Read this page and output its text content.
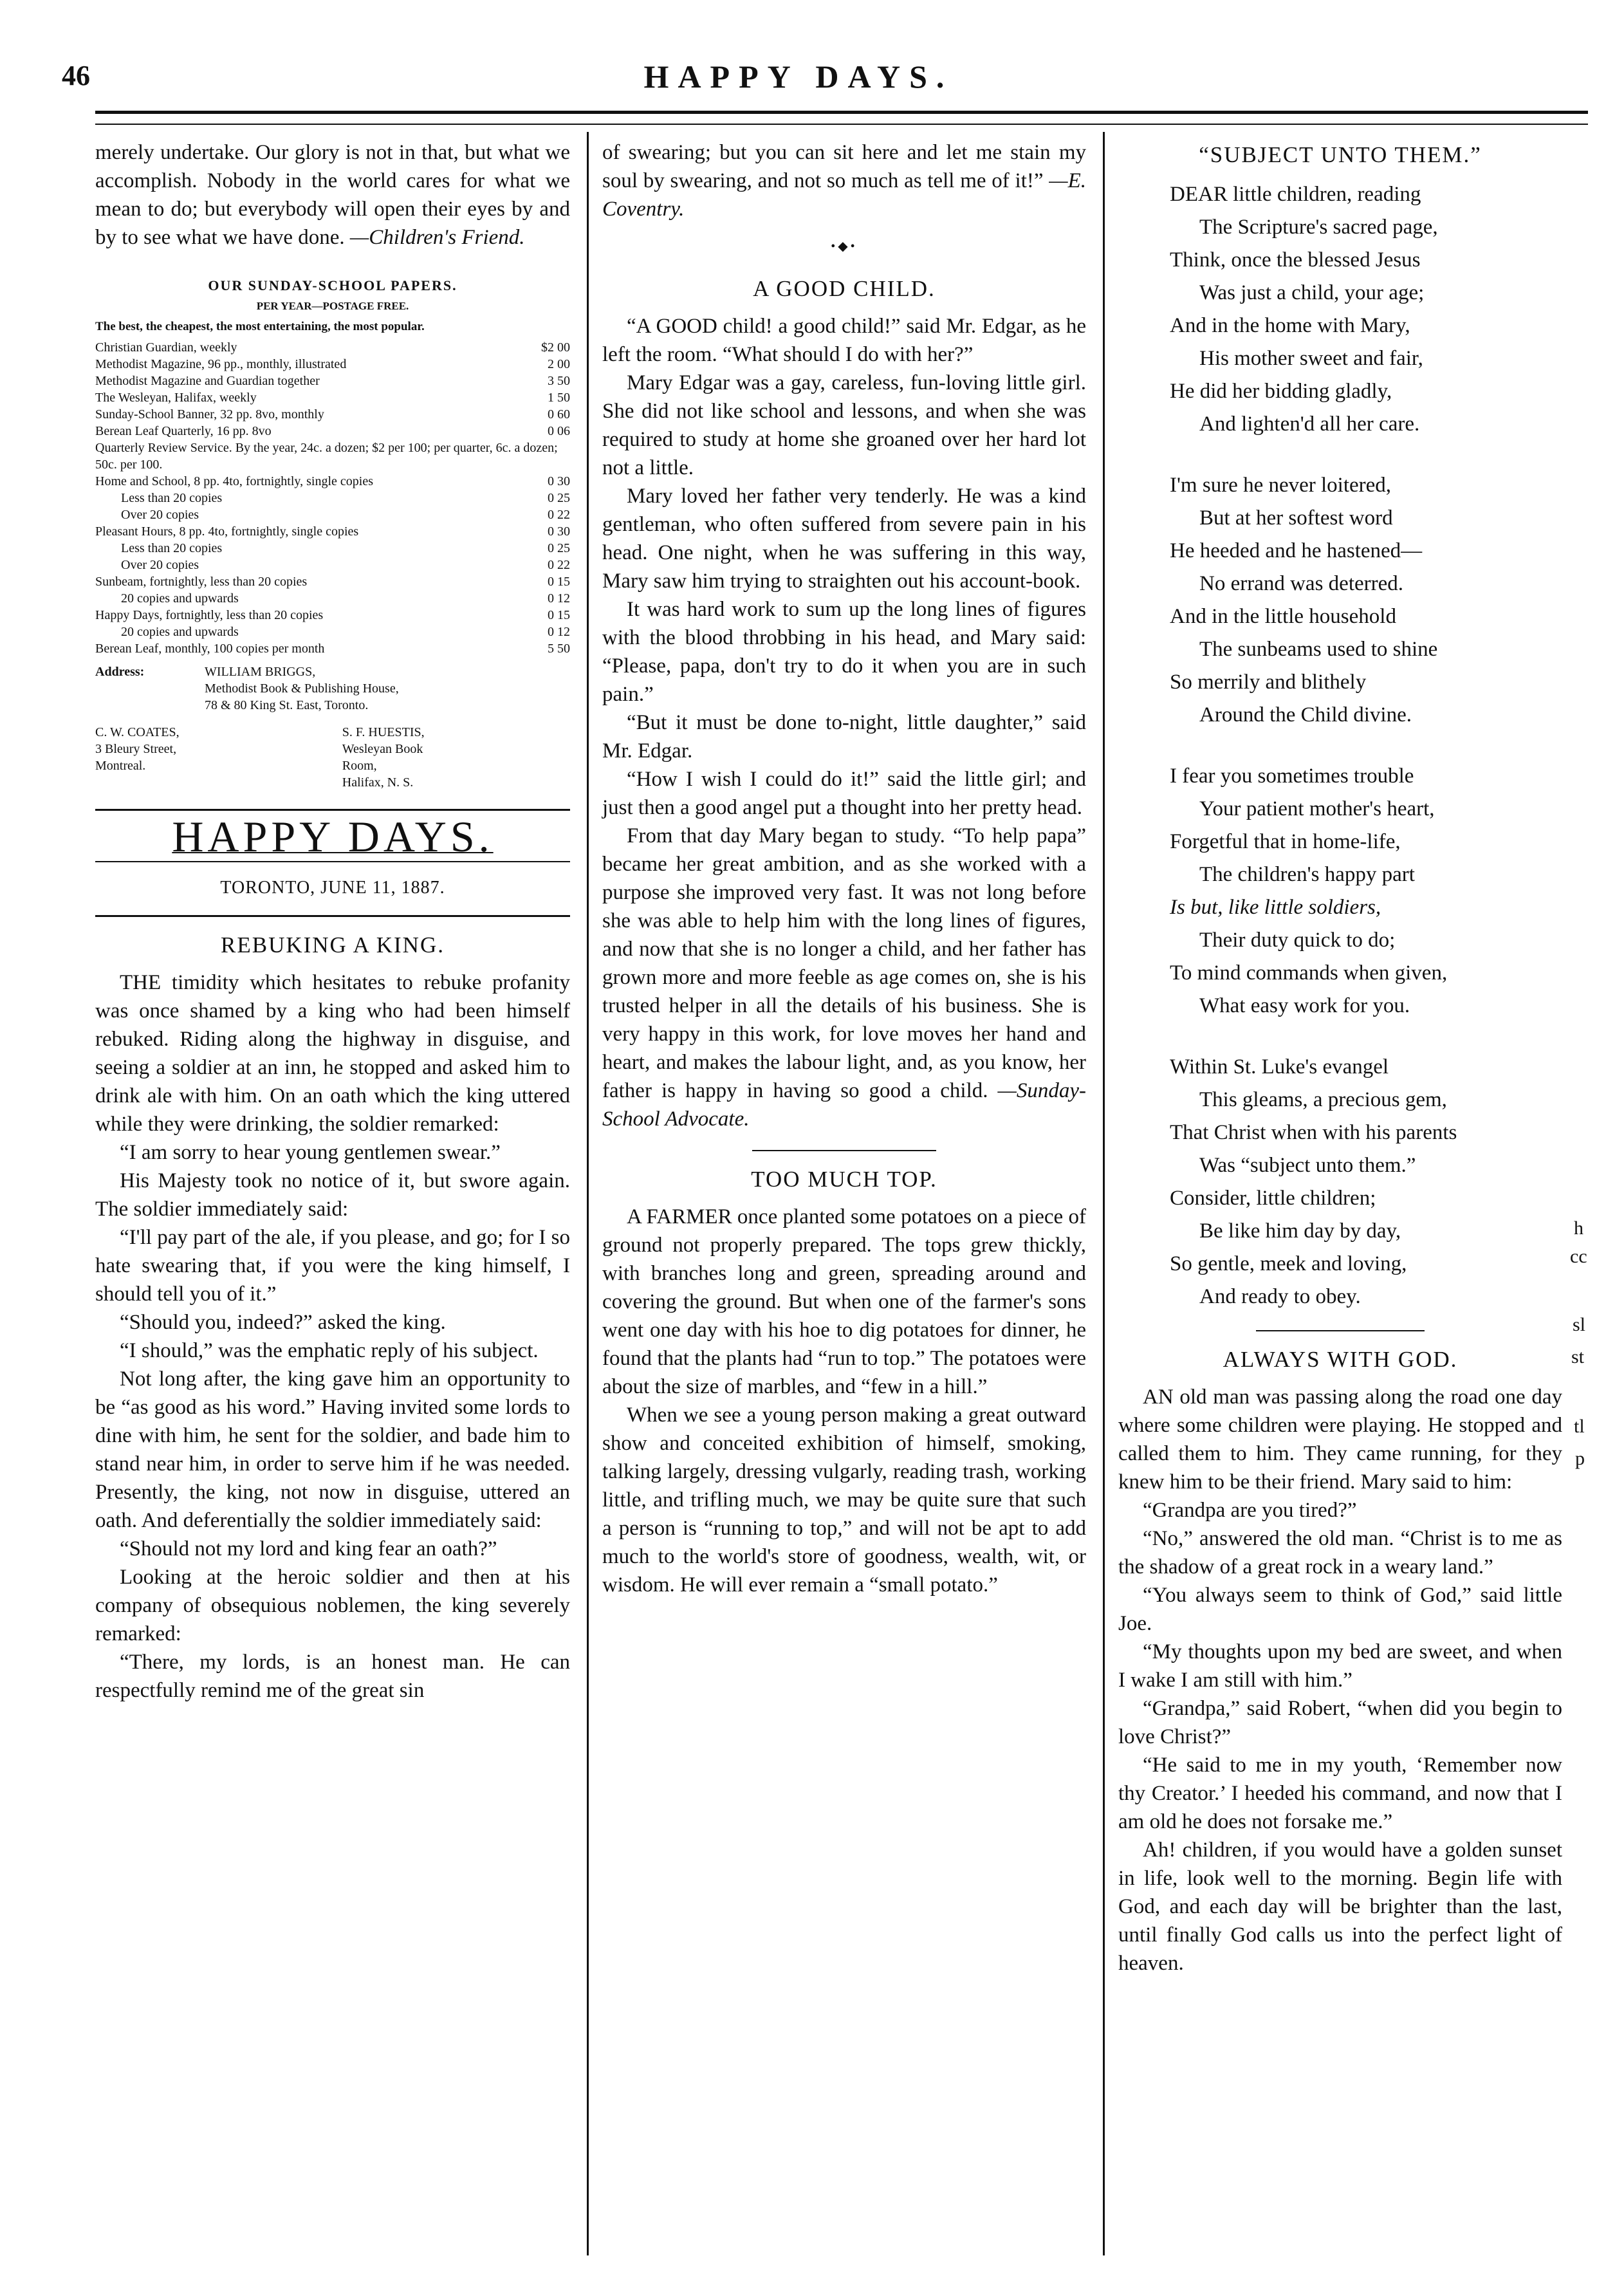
46	HAPPY DAYS.

merely undertake. Our glory is not in that, but what we accomplish. Nobody in the world cares for what we mean to do; but everybody will open their eyes by and by to see what we have done. —Children's Friend.

OUR SUNDAY-SCHOOL PAPERS.
PER YEAR—POSTAGE FREE.
The best, the cheapest, the most entertaining, the most popular.
Christian Guardian, weekly	$2 00
Methodist Magazine, 96 pp., monthly, illustrated	2 00
Methodist Magazine and Guardian together	3 50
The Wesleyan, Halifax, weekly	1 50
Sunday-School Banner, 32 pp. 8vo, monthly	0 60
Berean Leaf Quarterly, 16 pp. 8vo	0 06
Quarterly Review Service. By the year, 24c. a dozen; $2 per 100; per quarter, 6c. a dozen; 50c. per 100.
Home and School, 8 pp. 4to, fortnightly, single copies	0 30
Less than 20 copies	0 25
Over 20 copies	0 22
Pleasant Hours, 8 pp. 4to, fortnightly, single copies	0 30
Less than 20 copies	0 25
Over 20 copies	0 22
Sunbeam, fortnightly, less than 20 copies	0 15
20 copies and upwards	0 12
Happy Days, fortnightly, less than 20 copies	0 15
20 copies and upwards	0 12
Berean Leaf, monthly, 100 copies per month	5 50
Address:	WILLIAM BRIGGS,
Methodist Book & Publishing House,
78 & 80 King St. East, Toronto.
C. W. COATES,
3 Bleury Street,
Montreal.
S. F. HUESTIS,
Wesleyan Book Room,
Halifax, N. S.
HAPPY DAYS.
TORONTO, JUNE 11, 1887.
REBUKING A KING.

THE timidity which hesitates to rebuke profanity was once shamed by a king who had been himself rebuked. Riding along the highway in disguise, and seeing a soldier at an inn, he stopped and asked him to drink ale with him. On an oath which the king uttered while they were drinking, the soldier remarked:

“I am sorry to hear young gentlemen swear.”

His Majesty took no notice of it, but swore again. The soldier immediately said:

“I'll pay part of the ale, if you please, and go; for I so hate swearing that, if you were the king himself, I should tell you of it.”

“Should you, indeed?” asked the king.

“I should,” was the emphatic reply of his subject.

Not long after, the king gave him an opportunity to be “as good as his word.” Having invited some lords to dine with him, he sent for the soldier, and bade him to stand near him, in order to serve him if he was needed. Presently, the king, not now in disguise, uttered an oath. And deferentially the soldier immediately said:

“Should not my lord and king fear an oath?”

Looking at the heroic soldier and then at his company of obsequious noblemen, the king severely remarked:

“There, my lords, is an honest man. He can respectfully remind me of the great sin

of swearing; but you can sit here and let me stain my soul by swearing, and not so much as tell me of it!” —E. Coventry.

•◆•
A GOOD CHILD.

“A GOOD child! a good child!” said Mr. Edgar, as he left the room. “What should I do with her?”

Mary Edgar was a gay, careless, fun-loving little girl. She did not like school and lessons, and when she was required to study at home she groaned over her hard lot not a little.

Mary loved her father very tenderly. He was a kind gentleman, who often suffered from severe pain in his head. One night, when he was suffering in this way, Mary saw him trying to straighten out his account-book.

It was hard work to sum up the long lines of figures with the blood throbbing in his head, and Mary said: “Please, papa, don't try to do it when you are in such pain.”

“But it must be done to-night, little daughter,” said Mr. Edgar.

“How I wish I could do it!” said the little girl; and just then a good angel put a thought into her pretty head.

From that day Mary began to study. “To help papa” became her great ambition, and as she worked with a purpose she improved very fast. It was not long before she was able to help him with the long lines of figures, and now that she is no longer a child, and her father has grown more and more feeble as age comes on, she is his trusted helper in all the details of his business. She is very happy in this work, for love moves her hand and heart, and makes the labour light, and, as you know, her father is happy in having so good a child. —Sunday-School Advocate.

TOO MUCH TOP.

A FARMER once planted some potatoes on a piece of ground not properly prepared. The tops grew thickly, with branches long and green, spreading around and covering the ground. But when one of the farmer's sons went one day with his hoe to dig potatoes for dinner, he found that the plants had “run to top.” The potatoes were about the size of marbles, and “few in a hill.”

When we see a young person making a great outward show and conceited exhibition of himself, smoking, talking largely, dressing vulgarly, reading trash, working little, and trifling much, we may be quite sure that such a person is “running to top,” and will not be apt to add much to the world's store of goodness, wealth, wit, or wisdom. He will ever remain a “small potato.”

“SUBJECT UNTO THEM.”
DEAR little children, reading
The Scripture's sacred page,
Think, once the blessed Jesus
Was just a child, your age;
And in the home with Mary,
His mother sweet and fair,
He did her bidding gladly,
And lighten'd all her care.
I'm sure he never loitered,
But at her softest word
He heeded and he hastened—
No errand was deterred.
And in the little household
The sunbeams used to shine
So merrily and blithely
Around the Child divine.
I fear you sometimes trouble
Your patient mother's heart,
Forgetful that in home-life,
The children's happy part
Is but, like little soldiers,
Their duty quick to do;
To mind commands when given,
What easy work for you.
Within St. Luke's evangel
This gleams, a precious gem,
That Christ when with his parents
Was “subject unto them.”
Consider, little children;
Be like him day by day,
So gentle, meek and loving,
And ready to obey.
ALWAYS WITH GOD.

AN old man was passing along the road one day where some children were playing. He stopped and called them to him. They came running, for they knew him to be their friend. Mary said to him:

“Grandpa are you tired?”

“No,” answered the old man. “Christ is to me as the shadow of a great rock in a weary land.”

“You always seem to think of God,” said little Joe.

“My thoughts upon my bed are sweet, and when I wake I am still with him.”

“Grandpa,” said Robert, “when did you begin to love Christ?”

“He said to me in my youth, ‘Remember now thy Creator.’ I heeded his command, and now that I am old he does not forsake me.”

Ah! children, if you would have a golden sunset in life, look well to the morning. Begin life with God, and each day will be brighter than the last, until finally God calls us into the perfect light of heaven.

h
cc
sl
st
tl
p
